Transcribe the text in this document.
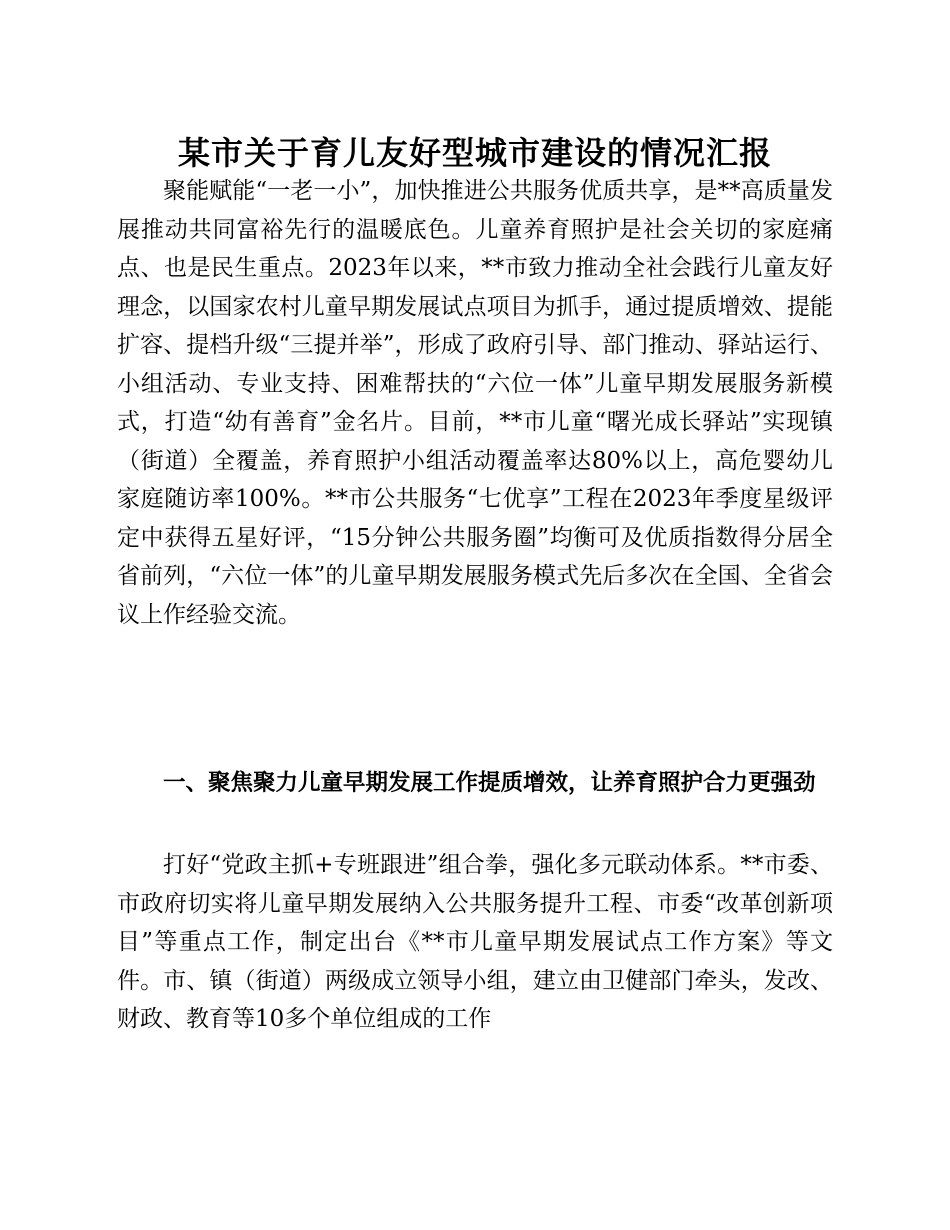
某市关于育儿友好型城市建设的情况汇报
聚能赋能“一老一小”，加快推进公共服务优质共享，是**高质量发展推动共同富裕先行的温暖底色。儿童养育照护是社会关切的家庭痛点、也是民生重点。2023年以来，**市致力推动全社会践行儿童友好理念，以国家农村儿童早期发展试点项目为抓手，通过提质增效、提能扩容、提档升级“三提并举”，形成了政府引导、部门推动、驿站运行、小组活动、专业支持、困难帮扶的“六位一体”儿童早期发展服务新模式，打造“幼有善育”金名片。目前，**市儿童“曙光成长驿站”实现镇（街道）全覆盖，养育照护小组活动覆盖率达80%以上，高危婴幼儿家庭随访率100%。**市公共服务“七优享”工程在2023年季度星级评定中获得五星好评，“15分钟公共服务圈”均衡可及优质指数得分居全省前列，“六位一体”的儿童早期发展服务模式先后多次在全国、全省会议上作经验交流。
一、聚焦聚力儿童早期发展工作提质增效，让养育照护合力更强劲
打好“党政主抓+专班跟进”组合拳，强化多元联动体系。**市委、市政府切实将儿童早期发展纳入公共服务提升工程、市委“改革创新项目”等重点工作，制定出台《**市儿童早期发展试点工作方案》等文件。市、镇（街道）两级成立领导小组，建立由卫健部门牵头，发改、财政、教育等10多个单位组成的工作
